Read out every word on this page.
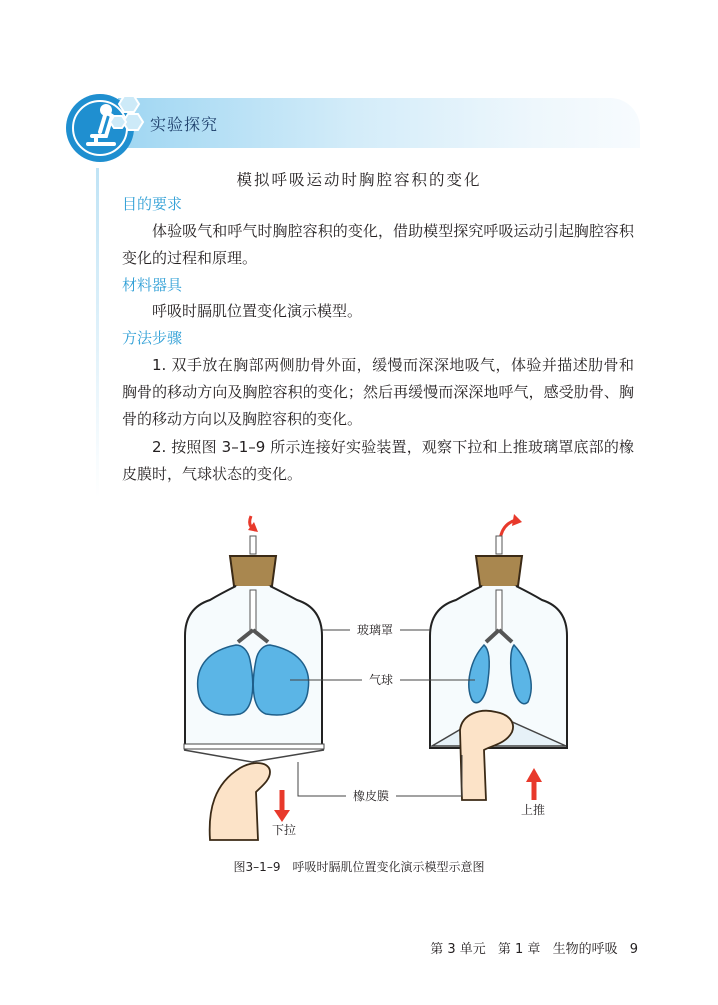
实验探究
模拟呼吸运动时胸腔容积的变化
目的要求

体验吸气和呼气时胸腔容积的变化，借助模型探究呼吸运动引起胸腔容积变化的过程和原理。

材料器具

呼吸时膈肌位置变化演示模型。

方法步骤

1. 双手放在胸部两侧肋骨外面，缓慢而深深地吸气，体验并描述肋骨和胸骨的移动方向及胸腔容积的变化；然后再缓慢而深深地呼气，感受肋骨、胸骨的移动方向以及胸腔容积的变化。

2. 按照图 3–1–9 所示连接好实验装置，观察下拉和上推玻璃罩底部的橡皮膜时，气球状态的变化。

玻璃罩
气球
橡皮膜
下拉
上推
图3–1–9　呼吸时膈肌位置变化演示模型示意图
第 3 单元 第 1 章 生物的呼吸 9
